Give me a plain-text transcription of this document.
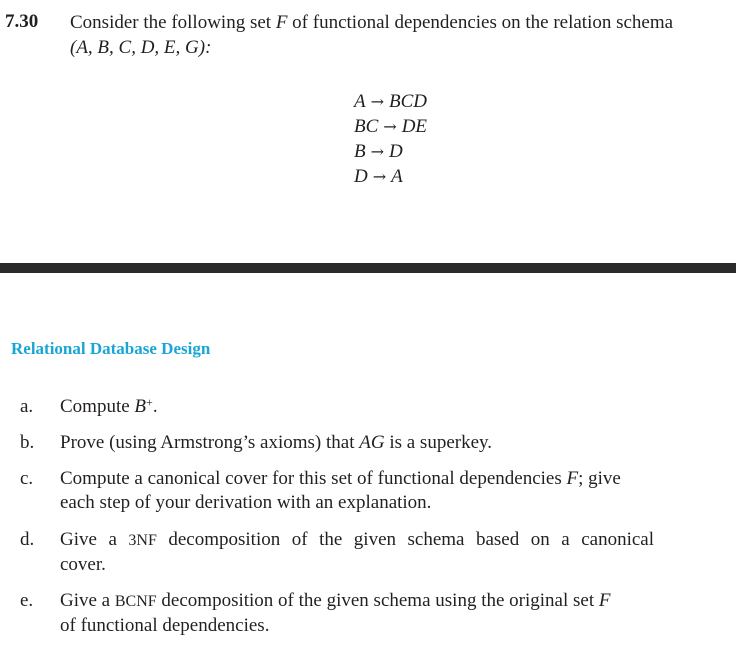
7.30 Consider the following set F of functional dependencies on the relation schema
(A, B, C, D, E, G):
A → BCD
BC → DE
B → D
D → A
Relational Database Design
a.	Compute B+.
b.	Prove (using Armstrong’s axioms) that AG is a superkey.
c.	Compute a canonical cover for this set of functional dependencies F; give
each step of your derivation with an explanation.
d.	Give a 3NF decomposition of the given schema based on a canonical
cover.
e.	Give a BCNF decomposition of the given schema using the original set F
of functional dependencies.
